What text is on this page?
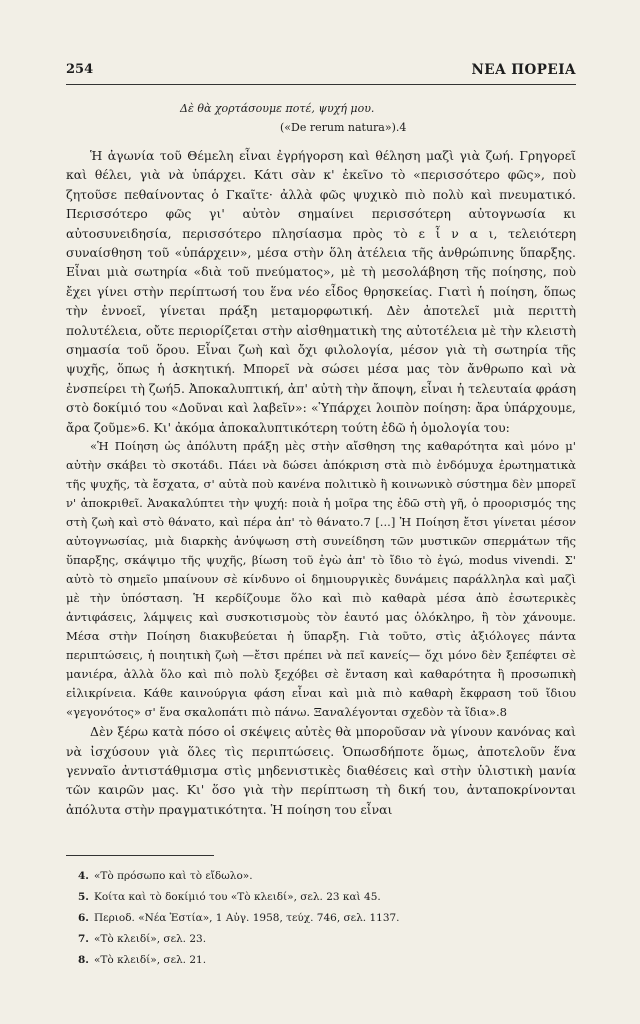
254	ΝΕΑ ΠΟΡΕΙΑ
Δὲ θὰ χορτάσουμε ποτέ, ψυχή μου.
(«De rerum natura»).4

Ἡ ἀγωνία τοῦ Θέμελη εἶναι ἐγρήγορση καὶ θέληση μαζὶ γιὰ ζωή. Γρηγορεῖ καὶ θέλει, γιὰ νὰ ὑπάρχει. Κάτι σὰν κ' ἐκεῖνο τὸ «περισσότερο φῶς», ποὺ ζητοῦσε πεθαίνοντας ὁ Γκαῖτε· ἀλλὰ φῶς ψυχικὸ πιὸ πολὺ καὶ πνευματικό. Περισσότερο φῶς γι' αὐτὸν σημαίνει περισσότερη αὐτογνωσία κι αὐτοσυνειδησία, περισσότερο πλησίασμα πρὸς τὸ ε ἶ ν α ι, τελειότερη συναίσθηση τοῦ «ὑπάρχειν», μέσα στὴν ὅλη ἀτέλεια τῆς ἀνθρώπινης ὕπαρξης. Εἶναι μιὰ σωτηρία «διὰ τοῦ πνεύματος», μὲ τὴ μεσολάβηση τῆς ποίησης, ποὺ ἔχει γίνει στὴν περίπτωσή του ἕνα νέο εἶδος θρησκείας. Γιατὶ ἡ ποίηση, ὅπως τὴν ἐννοεῖ, γίνεται πράξη μεταμορφωτική. Δὲν ἀποτελεῖ μιὰ περιττὴ πολυτέλεια, οὔτε περιορίζεται στὴν αἰσθηματικὴ της αὐτοτέλεια μὲ τὴν κλειστὴ σημασία τοῦ ὅρου. Εἶναι ζωὴ καὶ ὄχι φιλολογία, μέσον γιὰ τὴ σωτηρία τῆς ψυχῆς, ὅπως ἡ ἀσκητική. Μπορεῖ νὰ σώσει μέσα μας τὸν ἄνθρωπο καὶ νὰ ἐνσπείρει τὴ ζωή5. Ἀποκαλυπτική, ἀπ' αὐτὴ τὴν ἄποψη, εἶναι ἡ τελευταία φράση στὸ δοκίμιό του «Δοῦναι καὶ λαβεῖν»: «Ὑπάρχει λοιπὸν ποίηση: ἄρα ὑπάρχουμε, ἄρα ζοῦμε»6. Κι' ἀκόμα ἀποκαλυπτικότερη τούτη ἐδῶ ἡ ὁμολογία του:

«Ἡ Ποίηση ὡς ἀπόλυτη πράξη μὲς στὴν αἴσθηση της καθαρότητα καὶ μόνο μ' αὐτὴν σκάβει τὸ σκοτάδι. Πάει νὰ δώσει ἀπόκριση στὰ πιὸ ἐνδόμυχα ἐρωτηματικὰ τῆς ψυχῆς, τὰ ἔσχατα, σ' αὐτὰ ποὺ κανένα πολιτικὸ ἢ κοινωνικὸ σύστημα δὲν μπορεῖ ν' ἀποκριθεῖ. Ἀνακαλύπτει τὴν ψυχή: ποιὰ ἡ μοῖρα της ἐδῶ στὴ γῆ, ὁ προορισμός της στὴ ζωὴ καὶ στὸ θάνατο, καὶ πέρα ἀπ' τὸ θάνατο.7 [...] Ἡ Ποίηση ἔτσι γίνεται μέσον αὐτογνωσίας, μιὰ διαρκὴς ἀνύψωση στὴ συνείδηση τῶν μυστικῶν σπερμάτων τῆς ὕπαρξης, σκάψιμο τῆς ψυχῆς, βίωση τοῦ ἐγὼ ἀπ' τὸ ἴδιο τὸ ἐγώ, modus vivendi. Σ' αὐτὸ τὸ σημεῖο μπαίνουν σὲ κίνδυνο οἱ δημιουργικὲς δυνάμεις παράλληλα καὶ μαζὶ μὲ τὴν ὑπόσταση. Ἡ κερδίζουμε ὅλο καὶ πιὸ καθαρὰ μέσα ἀπὸ ἐσωτερικὲς ἀντιφάσεις, λάμψεις καὶ συσκοτισμοὺς τὸν ἑαυτό μας ὁλόκληρο, ἢ τὸν χάνουμε. Μέσα στὴν Ποίηση διακυβεύεται ἡ ὕπαρξη. Γιὰ τοῦτο, στὶς ἀξιόλογες πάντα περιπτώσεις, ἡ ποιητικὴ ζωὴ —ἔτσι πρέπει νὰ πεῖ κανείς— ὄχι μόνο δὲν ξεπέφτει σὲ μανιέρα, ἀλλὰ ὅλο καὶ πιὸ πολὺ ξεχόβει σὲ ἔνταση καὶ καθαρότητα ἢ προσωπικὴ εἰλικρίνεια. Κάθε καινούργια φάση εἶναι καὶ μιὰ πιὸ καθαρὴ ἔκφραση τοῦ ἴδιου «γεγονότος» σ' ἕνα σκαλοπάτι πιὸ πάνω. Ξαναλέγονται σχεδὸν τὰ ἴδια».8

Δὲν ξέρω κατὰ πόσο οἱ σκέψεις αὐτὲς θὰ μποροῦσαν νὰ γίνουν κανόνας καὶ νὰ ἰσχύσουν γιὰ ὅλες τὶς περιπτώσεις. Ὁπωσδήποτε ὅμως, ἀποτελοῦν ἕνα γενναῖο ἀντιστάθμισμα στὶς μηδενιστικὲς διαθέσεις καὶ στὴν ὑλιστικὴ μανία τῶν καιρῶν μας. Κι' ὅσο γιὰ τὴν περίπτωση τὴ δική του, ἀνταποκρίνονται ἀπόλυτα στὴν πραγματικότητα. Ἡ ποίηση του εἶναι

4. «Τὸ πρόσωπο καὶ τὸ εἴδωλο».
5. Κοίτα καὶ τὸ δοκίμιό του «Τὸ κλειδί», σελ. 23 καὶ 45.
6. Περιοδ. «Νέα Ἑστία», 1 Αὐγ. 1958, τεύχ. 746, σελ. 1137.
7. «Τὸ κλειδί», σελ. 23.
8. «Τὸ κλειδί», σελ. 21.
